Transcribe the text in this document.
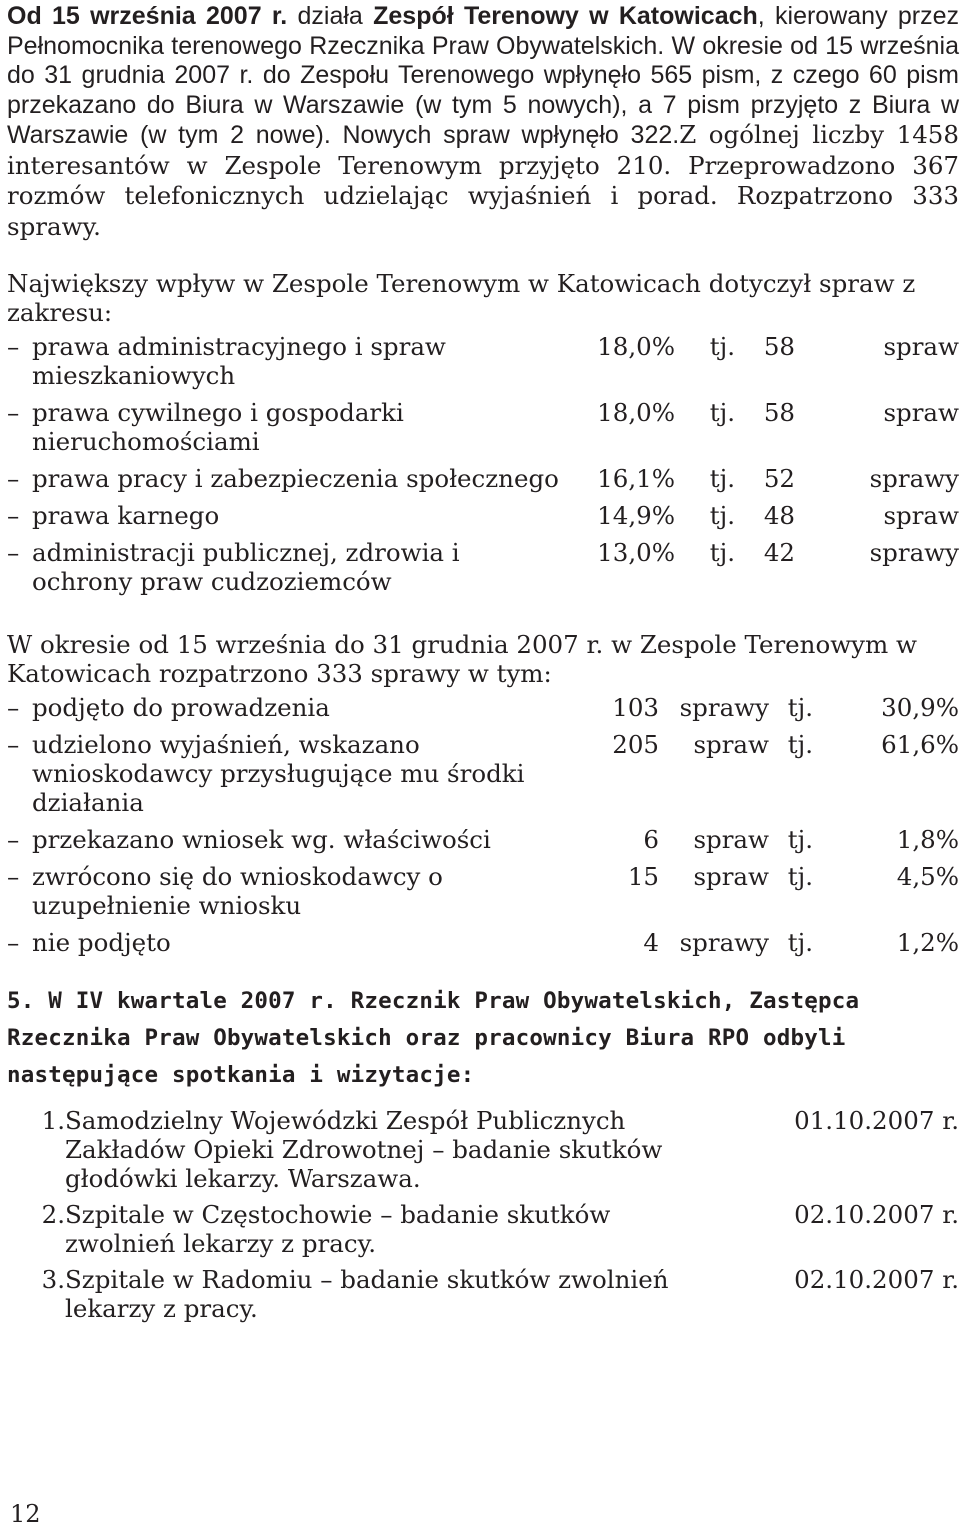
Od 15 września 2007 r. działa Zespół Terenowy w Katowicach, kierowany przez Pełnomocnika terenowego Rzecznika Praw Obywatelskich. W okresie od 15 września do 31 grudnia 2007 r. do Zespołu Terenowego wpłynęło 565 pism, z czego 60 pism przekazano do Biura w Warszawie (w tym 5 nowych), a 7 pism przyjęto z Biura w Warszawie (w tym 2 nowe). Nowych spraw wpłynęło 322.Z ogólnej liczby 1458 interesantów w Zespole Terenowym przyjęto 210. Przeprowadzono 367 rozmów telefonicznych udzielając wyjaśnień i porad. Rozpatrzono 333 sprawy.

Największy wpływ w Zespole Terenowym w Katowicach dotyczył spraw z zakresu:

– prawa administracyjnego i spraw mieszkaniowych
18,0%	tj.	58	spraw
– prawa cywilnego i gospodarki nieruchomościami
18,0%	tj.	58	spraw
– prawa pracy i zabezpieczenia społecznego	16,1%	tj.	52	sprawy
– prawa karnego	14,9%	tj.	48	spraw
– administracji publicznej, zdrowia i ochrony praw cudzoziemców
13,0%	tj.	42	sprawy

W okresie od 15 września do 31 grudnia 2007 r. w Zespole Terenowym w Katowicach rozpatrzono 333 sprawy w tym:

– podjęto do prowadzenia	103 sprawy tj.	30,9%
– udzielono wyjaśnień, wskazano wnioskodawcy przysługujące mu środki działania
205	spraw tj.	61,6%
– przekazano wniosek wg. właściwości	6	spraw tj.	1,8%
– zwrócono się do wnioskodawcy o uzupełnienie wniosku
15	spraw tj.	4,5%
– nie podjęto	4 sprawy tj.	1,2%
5. W IV kwartale 2007 r. Rzecznik Praw Obywatelskich, Zastępca Rzecznika Praw Obywatelskich oraz pracownicy Biura RPO odbyli następujące spotkania i wizytacje:
1. Samodzielny Wojewódzki Zespół Publicznych Zakładów Opieki Zdrowotnej – badanie skutków głodówki lekarzy. Warszawa.
01.10.2007 r.
2. Szpitale w Częstochowie – badanie skutków zwolnień lekarzy z pracy.
02.10.2007 r.
3. Szpitale w Radomiu – badanie skutków zwolnień lekarzy z pracy.
02.10.2007 r.
12
